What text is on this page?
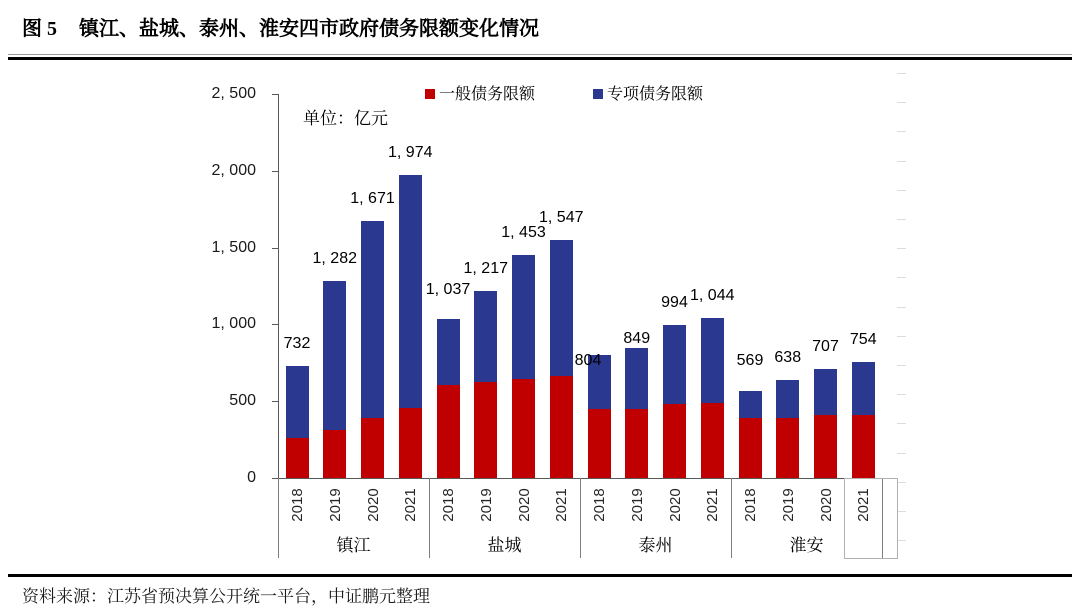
图 5 镇江、盐城、泰州、淮安四市政府债务限额变化情况
一般债务限额	专项债务限额
单位：亿元
0
500
1, 000
1, 500
2, 000
2, 500
镇江
732
2018
1, 282
2019
1, 671
2020
1, 974
2021
盐城
1, 037
2018
1, 217
2019
1, 453
2020
1, 547
2021
泰州
804
2018
849
2019
994
2020
1, 044
2021
淮安
569
2018
638
2019
707
2020
754
2021
资料来源：江苏省预决算公开统一平台，中证鹏元整理
